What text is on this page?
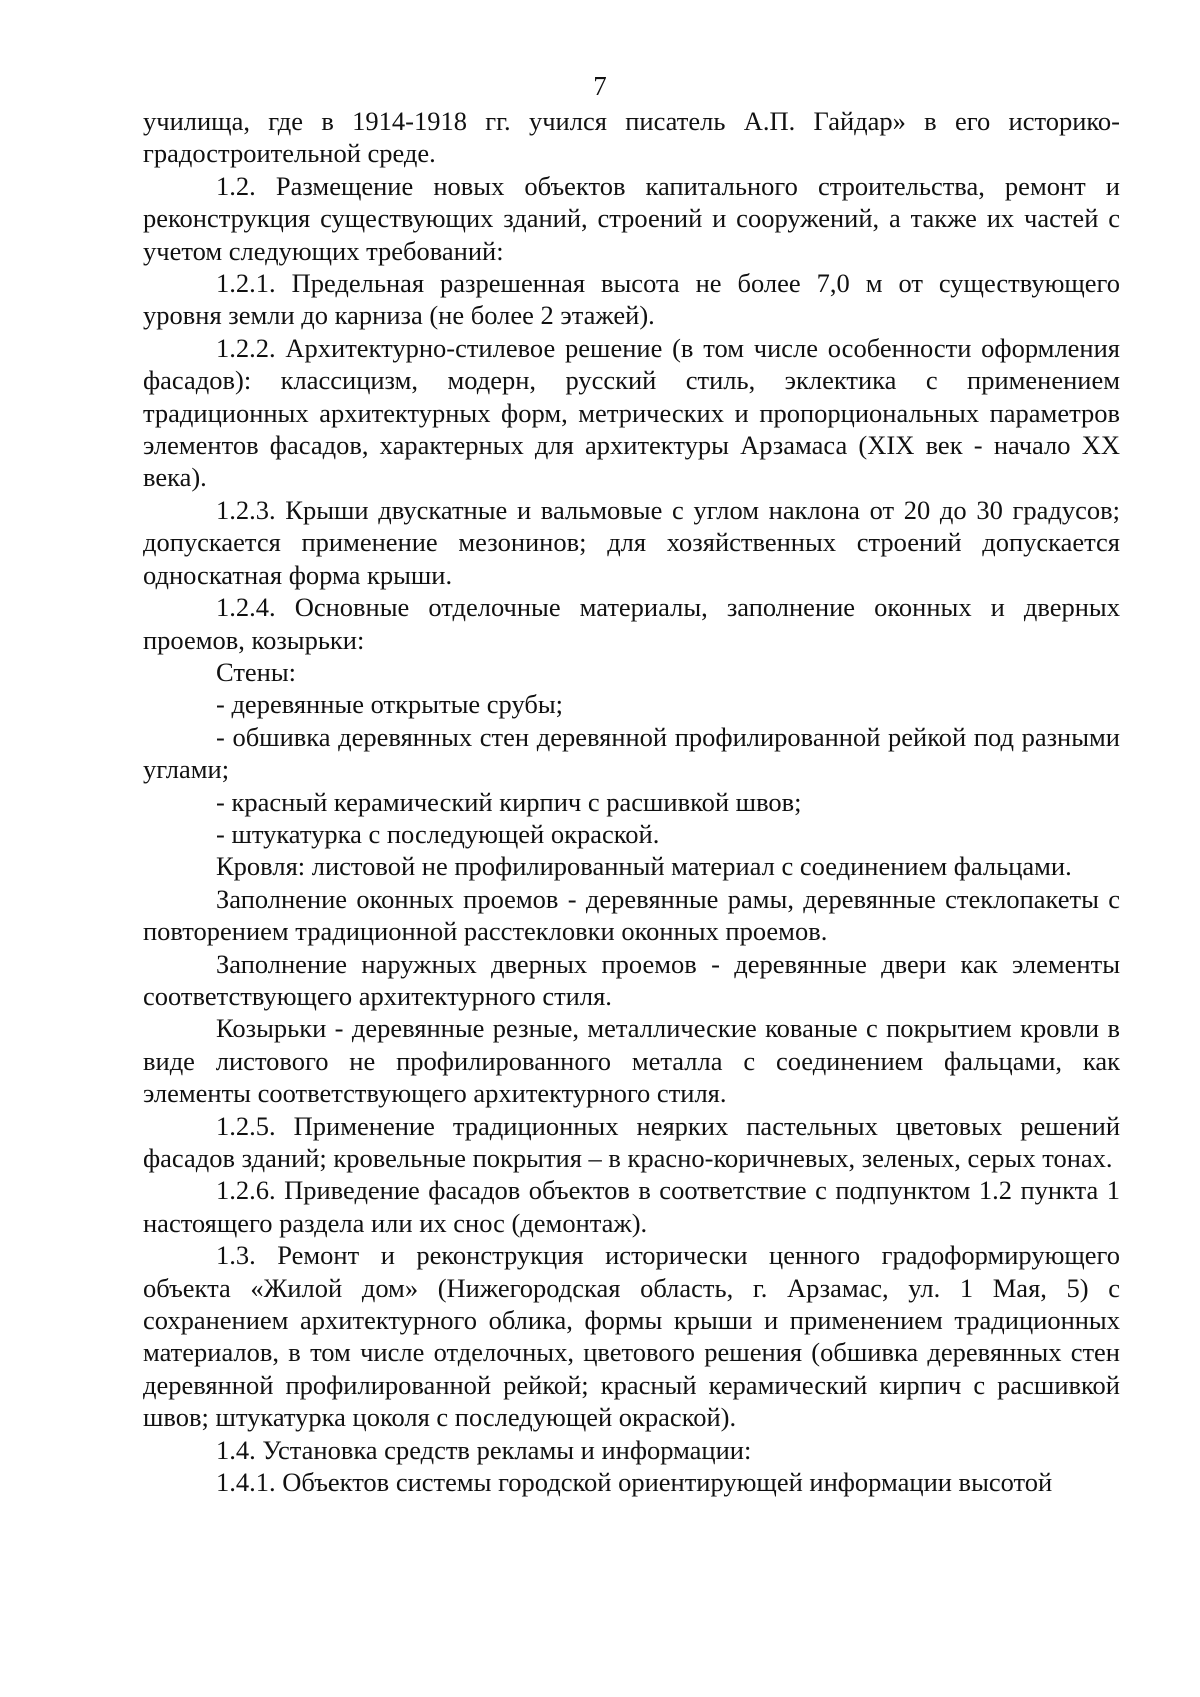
7

училища, где в 1914-1918 гг. учился писатель А.П. Гайдар» в его историко-градостроительной среде.

1.2. Размещение новых объектов капитального строительства, ремонт и реконструкция существующих зданий, строений и сооружений, а также их частей с учетом следующих требований:

1.2.1. Предельная разрешенная высота не более 7,0 м от существующего уровня земли до карниза (не более 2 этажей).

1.2.2. Архитектурно-стилевое решение (в том числе особенности оформления фасадов): классицизм, модерн, русский стиль, эклектика с применением традиционных архитектурных форм, метрических и пропорциональных параметров элементов фасадов, характерных для архитектуры Арзамаса (XIX век - начало XX века).

1.2.3. Крыши двускатные и вальмовые с углом наклона от 20 до 30 градусов; допускается применение мезонинов; для хозяйственных строений допускается односкатная форма крыши.

1.2.4. Основные отделочные материалы, заполнение оконных и дверных проемов, козырьки:

Стены:

- деревянные открытые срубы;

- обшивка деревянных стен деревянной профилированной рейкой под разными углами;

- красный керамический кирпич с расшивкой швов;

- штукатурка с последующей окраской.

Кровля: листовой не профилированный материал с соединением фальцами.

Заполнение оконных проемов - деревянные рамы, деревянные стеклопакеты с повторением традиционной расстекловки оконных проемов.

Заполнение наружных дверных проемов - деревянные двери как элементы соответствующего архитектурного стиля.

Козырьки - деревянные резные, металлические кованые с покрытием кровли в виде листового не профилированного металла с соединением фальцами, как элементы соответствующего архитектурного стиля.

1.2.5. Применение традиционных неярких пастельных цветовых решений фасадов зданий; кровельные покрытия – в красно-коричневых, зеленых, серых тонах.

1.2.6. Приведение фасадов объектов в соответствие с подпунктом 1.2 пункта 1 настоящего раздела или их снос (демонтаж).

1.3. Ремонт и реконструкция исторически ценного градоформирующего объекта «Жилой дом» (Нижегородская область, г. Арзамас, ул. 1 Мая, 5) с сохранением архитектурного облика, формы крыши и применением традиционных материалов, в том числе отделочных, цветового решения (обшивка деревянных стен деревянной профилированной рейкой; красный керамический кирпич с расшивкой швов; штукатурка цоколя с последующей окраской).

1.4. Установка средств рекламы и информации:

1.4.1. Объектов системы городской ориентирующей информации высотой
